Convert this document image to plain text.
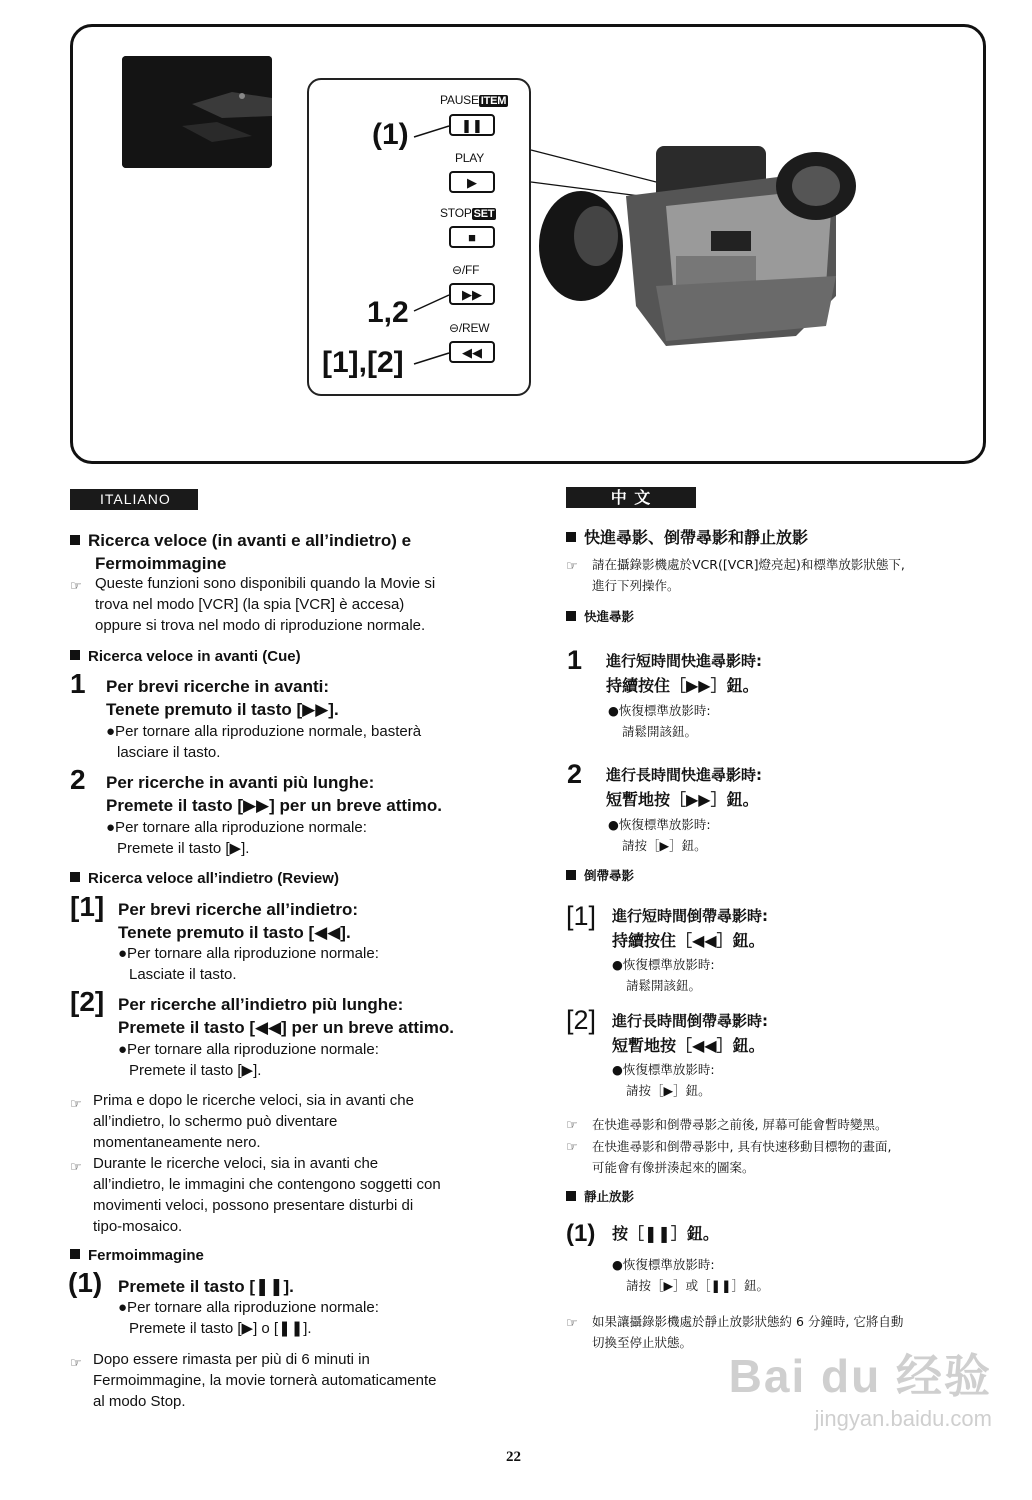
PAUSE ITEM
❚❚
PLAY
▶
STOP SET
■
⊖/FF
▶▶
⊖/REW
◀◀
(1)
1,2
[1],[2]
ITALIANO
Ricerca veloce (in avanti e all’indietro) e
Fermoimmagine
☞ Queste funzioni sono disponibili quando la Movie si
trova nel modo [VCR] (la spia [VCR] è accesa)
oppure si trova nel modo di riproduzione normale.
Ricerca veloce in avanti (Cue)
1 Per brevi ricerche in avanti:
Tenete premuto il tasto [▶▶].
●Per tornare alla riproduzione normale, basterà
lasciare il tasto.
2 Per ricerche in avanti più lunghe:
Premete il tasto [▶▶] per un breve attimo.
●Per tornare alla riproduzione normale:
Premete il tasto [▶].
Ricerca veloce all’indietro (Review)
[1] Per brevi ricerche all’indietro:
Tenete premuto il tasto [◀◀].
●Per tornare alla riproduzione normale:
Lasciate il tasto.
[2] Per ricerche all’indietro più lunghe:
Premete il tasto [◀◀] per un breve attimo.
●Per tornare alla riproduzione normale:
Premete il tasto [▶].
☞ Prima e dopo le ricerche veloci, sia in avanti che
all’indietro, lo schermo può diventare
momentaneamente nero.
☞ Durante le ricerche veloci, sia in avanti che
all’indietro, le immagini che contengono soggetti con
movimenti veloci, possono presentare disturbi di
tipo-mosaico.
Fermoimmagine
(1) Premete il tasto [❚❚].
●Per tornare alla riproduzione normale:
Premete il tasto [▶] o [❚❚].
☞ Dopo essere rimasta per più di 6 minuti in
Fermoimmagine, la movie tornerà automaticamente
al modo Stop.
中 文
快進尋影、倒帶尋影和靜止放影
☞ 請在攝錄影機處於VCR([VCR]燈亮起)和標準放影狀態下,
進行下列操作。
快進尋影
1 進行短時間快進尋影時:
持續按住［▶▶］鈕。
●恢復標準放影時:
請鬆開該鈕。
2 進行長時間快進尋影時:
短暫地按［▶▶］鈕。
●恢復標準放影時:
請按［▶］鈕。
倒帶尋影
[1] 進行短時間倒帶尋影時:
持續按住［◀◀］鈕。
●恢復標準放影時:
請鬆開該鈕。
[2] 進行長時間倒帶尋影時:
短暫地按［◀◀］鈕。
●恢復標準放影時:
請按［▶］鈕。
☞ 在快進尋影和倒帶尋影之前後, 屏幕可能會暫時變黑。
☞ 在快進尋影和倒帶尋影中, 具有快速移動目標物的畫面,
可能會有像拼湊起來的圖案。
靜止放影
(1) 按［❚❚］鈕。
●恢復標準放影時:
請按［▶］或［❚❚］鈕。
☞ 如果讓攝錄影機處於靜止放影狀態約 6 分鐘時, 它將自動
切換至停止狀態。
22
Bai du 经验
jingyan.baidu.com
